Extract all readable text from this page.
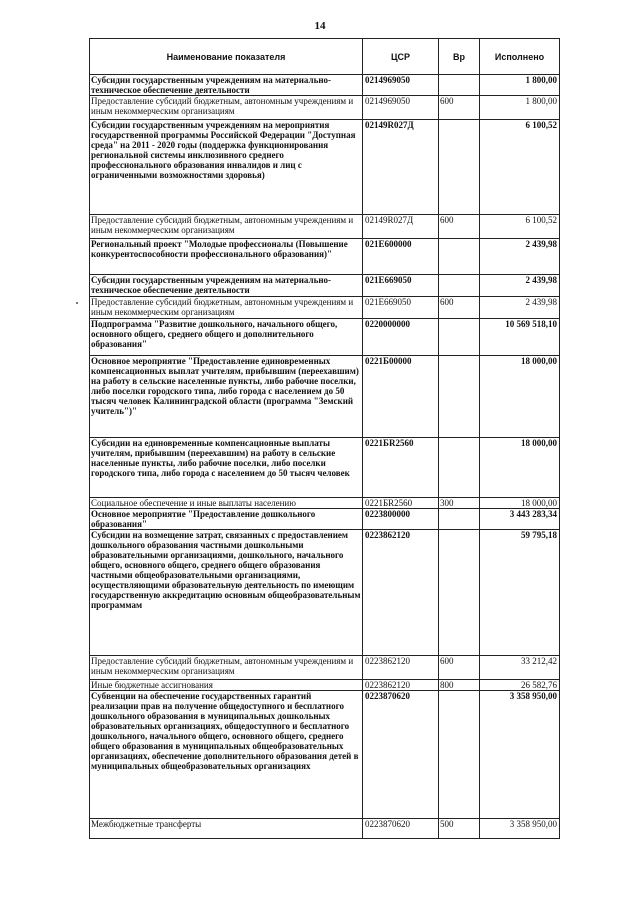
14
Наименование показателя	ЦСР	Вр	Исполнено
Субсидии государственным учреждениям на материально-техническое обеспечение деятельности	0214969050		1 800,00
Предоставление субсидий бюджетным, автономным учреждениям и иным некоммерческим организациям	0214969050	600	1 800,00
Субсидии государственным учреждениям на мероприятия государственной программы Российской Федерации "Доступная среда" на 2011 - 2020 годы (поддержка функционирования региональной системы инклюзивного среднего профессионального образования инвалидов и лиц с ограниченными возможностями здоровья)	02149R027Д		6 100,52
Предоставление субсидий бюджетным, автономным учреждениям и иным некоммерческим организациям	02149R027Д	600	6 100,52
Региональный проект "Молодые профессионалы (Повышение конкурентоспособности профессионального образования)"	021E600000		2 439,98
Субсидии государственным учреждениям на материально-техническое обеспечение деятельности	021E669050		2 439,98
Предоставление субсидий бюджетным, автономным учреждениям и иным некоммерческим организациям	021E669050	600	2 439,98
Подпрограмма "Развитие дошкольного, начального общего, основного общего, среднего общего и дополнительного образования"	0220000000		10 569 518,10
Основное мероприятие "Предоставление единовременных компенсационных выплат учителям, прибывшим (переехавшим) на работу в сельские населенные пункты, либо рабочие поселки, либо поселки городского типа, либо города с населением до 50 тысяч человек Калининградской области (программа "Земский учитель")"	0221Б00000		18 000,00
Субсидии на единовременные компенсационные выплаты учителям, прибывшим (переехавшим) на работу в сельские населенные пункты, либо рабочие поселки, либо поселки городского типа, либо города с населением до 50 тысяч человек	0221БR2560		18 000,00
Социальное обеспечение и иные выплаты населению	0221БR2560	300	18 000,00
Основное мероприятие "Предоставление дошкольного образования"	0223800000		3 443 283,34
Субсидии на возмещение затрат, связанных с предоставлением дошкольного образования частными дошкольными образовательными организациями, дошкольного, начального общего, основного общего, среднего общего образования частными общеобразовательными организациями, осуществляющими образовательную деятельность по имеющим государственную аккредитацию основным общеобразовательным программам	0223862120		59 795,18
Предоставление субсидий бюджетным, автономным учреждениям и иным некоммерческим организациям	0223862120	600	33 212,42
Иные бюджетные ассигнования	0223862120	800	26 582,76
Субвенции на обеспечение государственных гарантий реализации прав на получение общедоступного и бесплатного дошкольного образования в муниципальных дошкольных образовательных организациях, общедоступного и бесплатного дошкольного, начального общего, основного общего, среднего общего образования в муниципальных общеобразовательных организациях, обеспечение дополнительного образования детей в муниципальных общеобразовательных организациях	0223870620		3 358 950,00
Межбюджетные трансферты	0223870620	500	3 358 950,00
